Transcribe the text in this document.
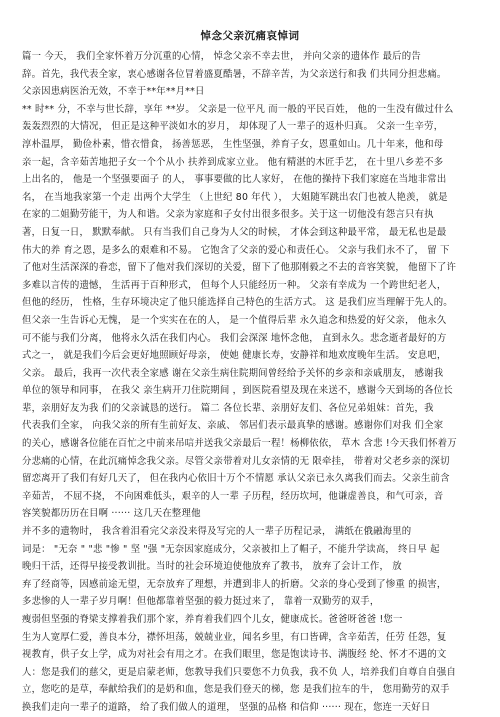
悼念父亲沉痛哀悼词
篇一 今天， 我们全家怀着万分沉重的心情， 悼念父亲不幸去世， 并向父亲的遗体作 最后的告
辞。首先，我代表全家，衷心感谢各位冒着盛夏酷暑，不辞辛苦，为父亲送行和我 们共同分担悲痛。
父亲因患病医治无效，不幸于**年**月**日
** 时** 分，不幸与世长辞，享年 **岁。 父亲是一位平凡 而一般的平民百姓， 他的一生没有做过什么
轰轰烈烈的大情况， 但正是这种平淡如水的岁月， 却体现了人一辈子的返朴归真。 父亲一生辛劳，
淳朴温厚， 勤俭朴素，惜衣惜食， 扬善惩恶， 生性坚强，养育子女，恩重如山。几十年来，他和母
亲一起，含辛茹苦地把子女一个个从小 扶养到成家立业。 他有精湛的木匠手艺， 在十里八乡差不多
上出名的， 他是一个坚强要面子 的人， 事事要做的比人家好， 在他的操持下我们家庭在当地非常出
名， 在当地我家第一个走 出两个大学生 （上世纪 80 年代 ）， 大姐随军跳出农门也被人艳羡， 就是
在家的二姐勤劳能干，为人和谐。父亲为家庭和子女付出很多很多。关于这一切他没有怨言只有执
著，日复一日， 默默奉献。 只有当我们自己身为人父的时候， 才体会到这种最平常， 最无私也是最
伟大的养 育之恩，是多么的艰难和不易。 它饱含了父亲的爱心和责任心。 父亲与我们永不了， 留 下
了他对生活深深的眷恋，留下了他对我们深切的关爱，留下了他那刚毅之不去的音容笑貌， 他留下了许
多难以言传的遗憾， 生活再于百种形式， 但每个人只能经历一种。 父亲有幸成为 一个跨世纪老人，
但他的经历， 性格，生存环境决定了他只能选择自己特色的生活方式。 这 是我们应当理解于先人的。
但父亲一生告诉心无愧， 是一个实实在在的人， 是一个值得后辈 永久追念和热爱的好父亲， 他永久
可不能与我们分离， 他将永久活在我们内心。 我们会深深 地怀念他， 直到永久。悲念逝者最好的方
式之一， 就是我们今后会更好地照顾好母亲， 使她 健康长寿，安静祥和地欢度晚年生活。 安息吧，
父亲。 最后，我再一次代表全家感 谢在父亲生病住院期间曾经给予关怀的乡亲和亲戚朋友， 感谢我
单位的领导和同事， 在我父 亲生病开刀住院期间 ，到医院看望及现在来送不，感谢今天到场的各位长
辈，亲朋好友为我 们的父亲诚恳的送行。 篇二 各位长辈、亲朋好友们、各位兄弟姐妹：首先，我
代表我们全家， 向我父亲的所有生前好友、亲戚、 邻居们表示最真挚的感谢。感谢你们对我 们全家
的关心，感谢各位能在百忙之中前来吊唁并送我父亲最后一程！杨柳依依， 草木 含悲 !今天我们怀着万
分悲痛的心情，在此沉痛悼念我父亲。尽管父亲带着对儿女亲情的无 限牵挂， 带着对父老乡亲的深切
留恋离开了我们有好几天了， 但在我内心依旧十万个不情愿 承认父亲已永久离我们而去。父亲生前含
辛茹苦， 不屈不挠， 不向困难低头，艰辛的人一辈 子历程，经历坎坷，他谦虚善良，和气可亲，音
容笑貌都历历在目啊 ······ 这几天在整理他
并不多的遗物时， 我含着泪看完父亲没来得及写完的人一辈子历程记录， 满纸在俄融海里的
词是： "无奈 " "悲 "惨 " 坚 "强 "无奈因家庭成分，父亲被扣上了帽子，不能升学读高， 终日早 起
晚归干活，还得早接受教训批。当时的社会环境迫使他放弃了教书， 放弃了会计工作， 放
弃了经商等，因感前途无望，无奈放弃了理想，并遭到非人的折磨。父亲的身心受到了惨重 的损害，
多悲惨的人一辈子岁月啊！但他都靠着坚强的毅力挺过来了， 靠着一双勤劳的双手，
瘦弱但坚强的脊梁支撑着我们那个家，养育着我们四个儿女，健康成长。爸爸呀爸爸 !您一
生为人宽厚仁爱，善良本分，襟怀坦荡，兢兢业业，闻名乡里，有口皆碑，含辛茹苦，任劳 任怨，复
视教育，供子女上学，成为对社会有用之才。在我们眼里，您是饱读诗书、满腹经 纶、怀才不遇的文
人：您是我们的慈父，更是启蒙老师，您教导我们只要您不力负我，我不负 人，培养我们自尊自自强自
立，您吃的是草，奉献给我们的是奶和血，您是我们登天的梯，您 是我们拉车的牛， 您用勤劳的双手
换我们走向一辈子的道路， 给了我们做人的道理， 坚强的品格 和信仰 ······ 现在，您连一天好日
